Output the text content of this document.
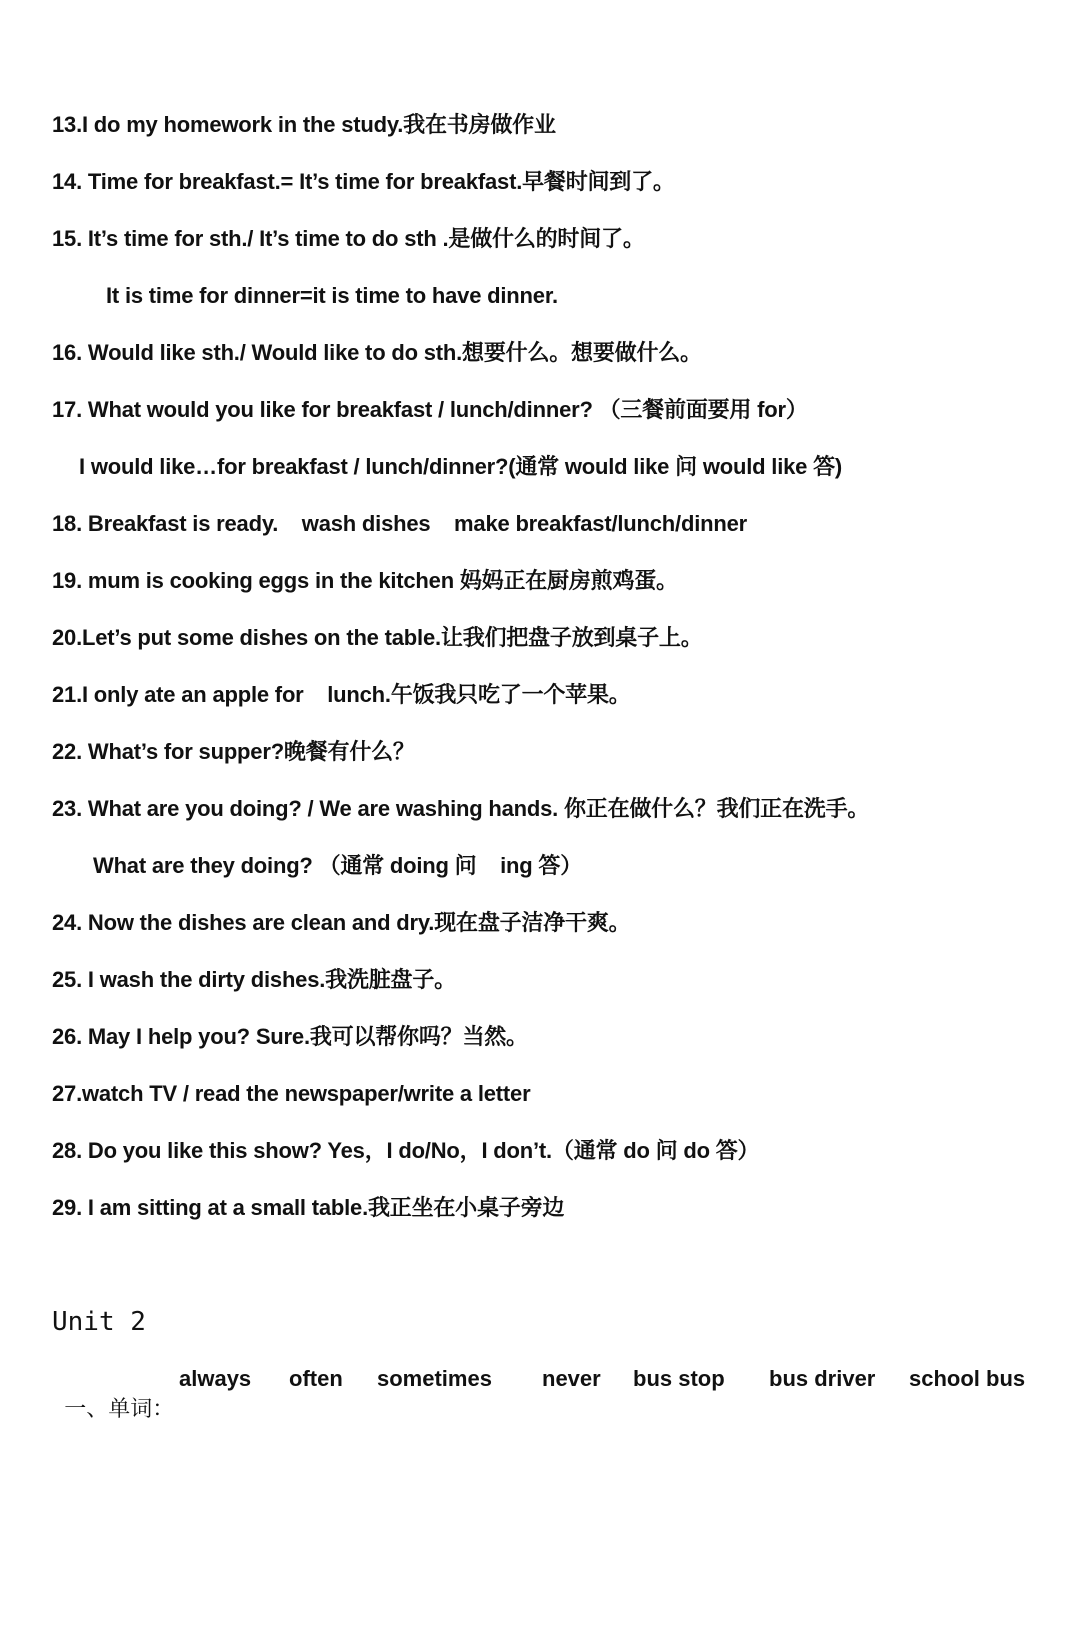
13.I do my homework in the study.我在书房做作业
14. Time for breakfast.= It’s time for breakfast.早餐时间到了。
15. It’s time for sth./ It’s time to do sth .是做什么的时间了。
It is time for dinner=it is time to have dinner.
16. Would like sth./ Would like to do sth.想要什么。想要做什么。
17. What would you like for breakfast / lunch/dinner? （三餐前面要用 for）
I would like…for breakfast / lunch/dinner?(通常 would like 问 would like 答)
18. Breakfast is ready.    wash dishes    make breakfast/lunch/dinner
19. mum is cooking eggs in the kitchen 妈妈正在厨房煎鸡蛋。
20.Let’s put some dishes on the table.让我们把盘子放到桌子上。
21.I only ate an apple for    lunch.午饭我只吃了一个苹果。
22. What’s for supper?晚餐有什么？
23. What are you doing? / We are washing hands. 你正在做什么？我们正在洗手。
What are they doing? （通常 doing 问    ing 答）
24. Now the dishes are clean and dry.现在盘子洁净干爽。
25. I wash the dirty dishes.我洗脏盘子。
26. May I help you? Sure.我可以帮你吗？当然。
27.watch TV / read the newspaper/write a letter
28. Do you like this show? Yes，I do/No，I don’t.（通常 do 问 do 答）
29. I am sitting at a small table.我正坐在小桌子旁边
Unit 2

一、单词：

always

often

sometimes

never

bus stop

bus driver

school bus
